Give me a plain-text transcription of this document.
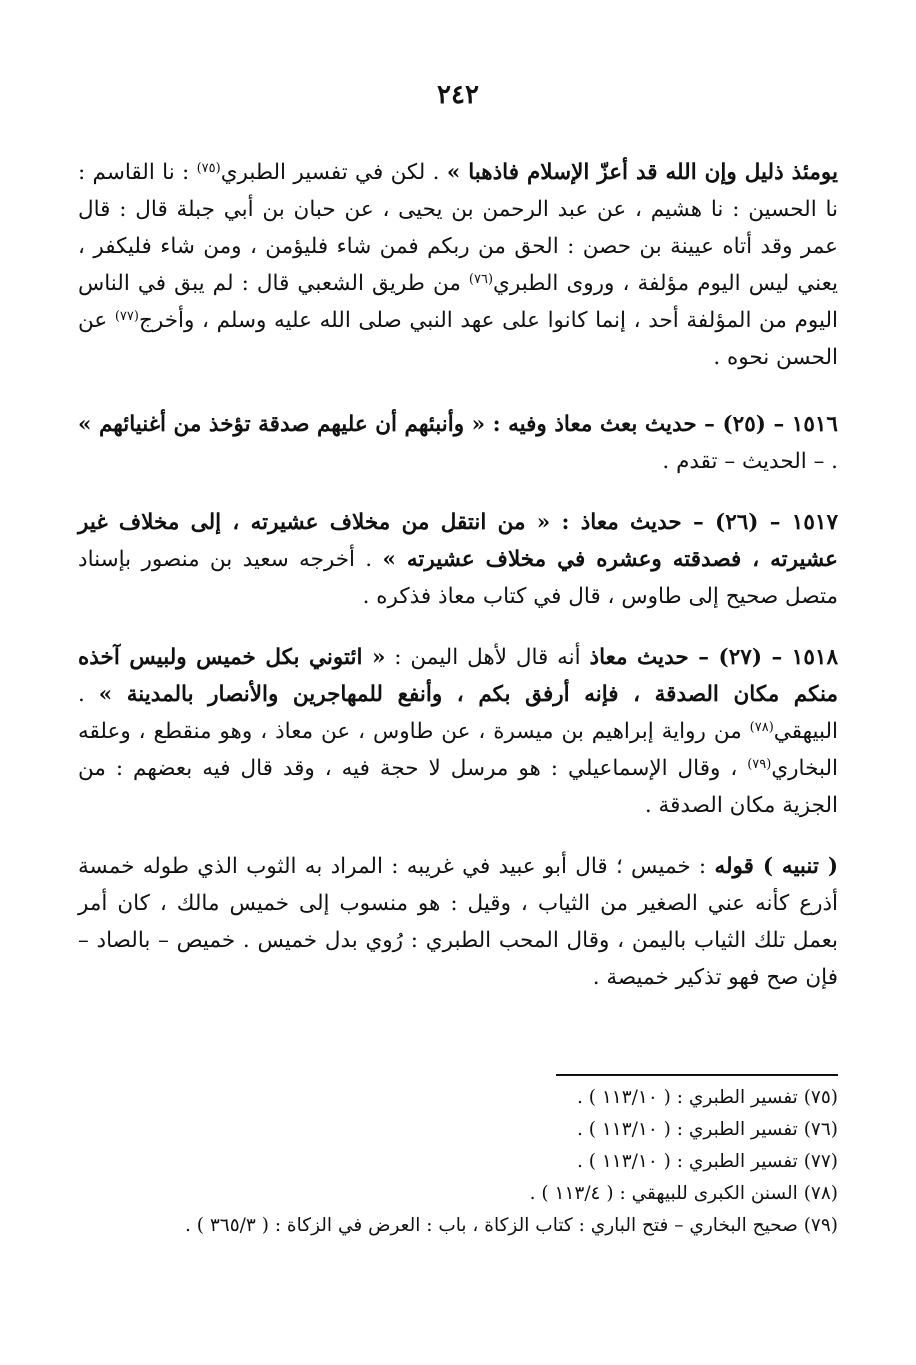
٢٤٢

يومئذ ذليل وإن الله قد أعزّ الإسلام فاذهبا » . لكن في تفسير الطبري$^{(٧٥)}$ : نا القاسم : نا الحسين : نا هشيم ، عن عبد الرحمن بن يحيى ، عن حبان بن أبي جبلة قال : قال عمر وقد أتاه عيينة بن حصن : الحق من ربكم فمن شاء فليؤمن ، ومن شاء فليكفر ، يعني ليس اليوم مؤلفة ، وروى الطبري$^{(٧٦)}$ من طريق الشعبي قال : لم يبق في الناس اليوم من المؤلفة أحد ، إنما كانوا على عهد النبي صلى الله عليه وسلم ، وأخرج$^{(٧٧)}$ عن الحسن نحوه .

١٥١٦ – (٢٥) – حديث بعث معاذ وفيه : « وأنبئهم أن عليهم صدقة تؤخذ من أغنيائهم » . – الحديث – تقدم .

١٥١٧ – (٢٦) – حديث معاذ : « من انتقل من مخلاف عشيرته ، إلى مخلاف غير عشيرته ، فصدقته وعشره في مخلاف عشيرته » . أخرجه سعيد بن منصور بإسناد متصل صحيح إلى طاوس ، قال في كتاب معاذ فذكره .

١٥١٨ – (٢٧) – حديث معاذ أنه قال لأهل اليمن : « ائتوني بكل خميس ولبيس آخذه منكم مكان الصدقة ، فإنه أرفق بكم ، وأنفع للمهاجرين والأنصار بالمدينة » . البيهقي$^{(٧٨)}$ من رواية إبراهيم بن ميسرة ، عن طاوس ، عن معاذ ، وهو منقطع ، وعلقه البخاري$^{(٧٩)}$ ، وقال الإسماعيلي : هو مرسل لا حجة فيه ، وقد قال فيه بعضهم : من الجزية مكان الصدقة .

( تنبيه ) قوله : خميس ؛ قال أبو عبيد في غريبه : المراد به الثوب الذي طوله خمسة أذرع كأنه عني الصغير من الثياب ، وقيل : هو منسوب إلى خميس مالك ، كان أمر بعمل تلك الثياب باليمن ، وقال المحب الطبري : رُوي بدل خميس . خميص – بالصاد – فإن صح فهو تذكير خميصة .

(٧٥) تفسير الطبري : ( ١١٣/١٠ ) .
(٧٦) تفسير الطبري : ( ١١٣/١٠ ) .
(٧٧) تفسير الطبري : ( ١١٣/١٠ ) .
(٧٨) السنن الكبرى للبيهقي : ( ١١٣/٤ ) .
(٧٩) صحيح البخاري – فتح الباري : كتاب الزكاة ، باب : العرض في الزكاة : ( ٣٦٥/٣ ) .
